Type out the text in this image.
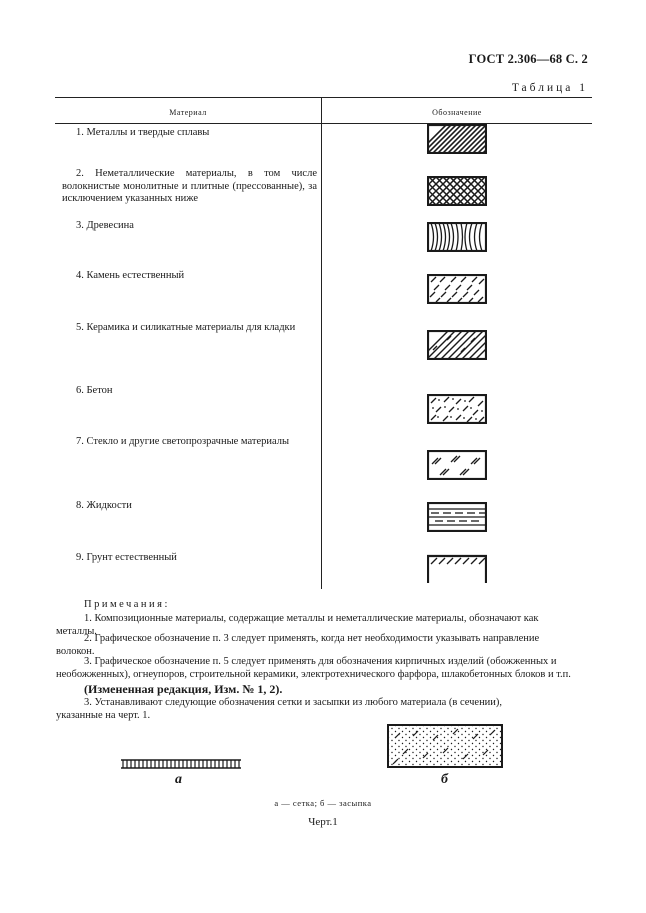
ГОСТ 2.306—68 С. 2
Таблица 1
Материал	Обозначение
1. Металлы и твердые сплавы
2. Неметаллические материалы, в том числе волокнистые монолитные и плитные (прессованные), за исключением указанных ниже
3. Древесина
4. Камень естественный
5. Керамика и силикатные материалы для кладки
6. Бетон
7. Стекло и другие светопрозрачные материалы
8. Жидкости
9. Грунт естественный
Примечания:
1. Композиционные материалы, содержащие металлы и неметаллические материалы, обозначают как
металлы.
2. Графическое обозначение п. 3 следует применять, когда нет необходимости указывать направление
волокон.
3. Графическое обозначение п. 5 следует применять для обозначения кирпичных изделий (обожженных и
необожженных), огнеупоров, строительной керамики, электротехнического фарфора, шлакобетонных блоков и т.п.
(Измененная редакция, Изм. № 1, 2).
3. Устанавливают следующие обозначения сетки и засыпки из любого материала (в сечении),
указанные на черт. 1.
а	б
а — сетка; б — засыпка
Черт.1
